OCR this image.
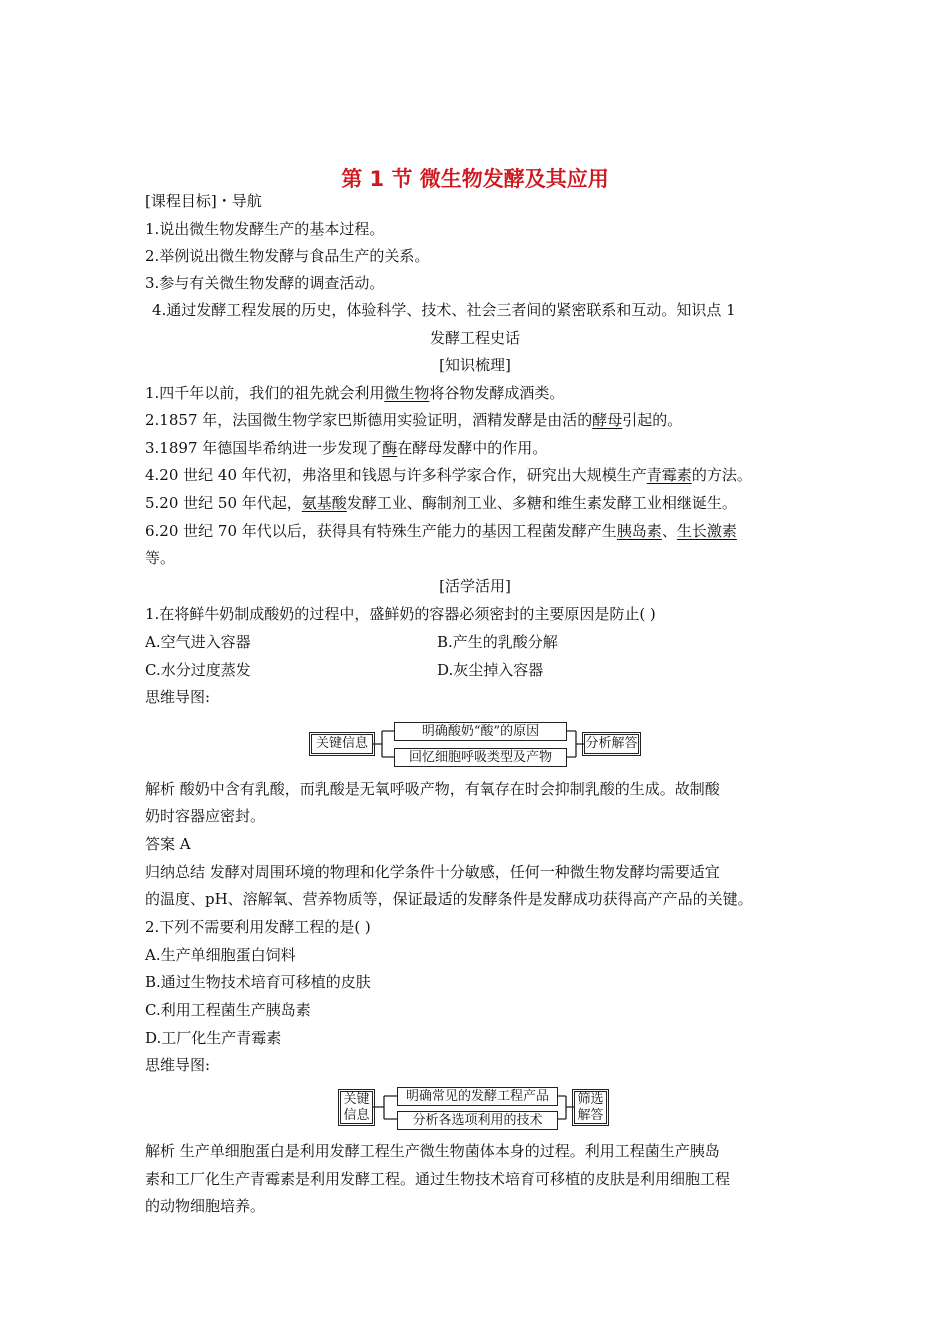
第 1 节 微生物发酵及其应用
[课程目标]・导航
1.说出微生物发酵生产的基本过程。
2.举例说出微生物发酵与食品生产的关系。
3.参与有关微生物发酵的调查活动。
4.通过发酵工程发展的历史，体验科学、技术、社会三者间的紧密联系和互动。知识点 1
发酵工程史话
[知识梳理]
1.四千年以前，我们的祖先就会利用微生物将谷物发酵成酒类。
2.1857 年，法国微生物学家巴斯德用实验证明，酒精发酵是由活的酵母引起的。
3.1897 年德国毕希纳进一步发现了酶在酵母发酵中的作用。
4.20 世纪 40 年代初，弗洛里和钱恩与许多科学家合作，研究出大规模生产青霉素的方法。
5.20 世纪 50 年代起，氨基酸发酵工业、酶制剂工业、多糖和维生素发酵工业相继诞生。
6.20 世纪 70 年代以后，获得具有特殊生产能力的基因工程菌发酵产生胰岛素、生长激素
等。
[活学活用]
1.在将鲜牛奶制成酸奶的过程中，盛鲜奶的容器必须密封的主要原因是防止( )
A.空气进入容器	B.产生的乳酸分解
C.水分过度蒸发	D.灰尘掉入容器
思维导图:
关键信息
明确酸奶“酸”的原因
回忆细胞呼吸类型及产物
分析解答
解析 酸奶中含有乳酸，而乳酸是无氧呼吸产物，有氧存在时会抑制乳酸的生成。故制酸
奶时容器应密封。
答案 A
归纳总结 发酵对周围环境的物理和化学条件十分敏感，任何一种微生物发酵均需要适宜
的温度、pH、溶解氧、营养物质等，保证最适的发酵条件是发酵成功获得高产产品的关键。
2.下列不需要利用发酵工程的是( )
A.生产单细胞蛋白饲料
B.通过生物技术培育可移植的皮肤
C.利用工程菌生产胰岛素
D.工厂化生产青霉素
思维导图:
关键
信息
明确常见的发酵工程产品
分析各选项利用的技术
筛选
解答
解析 生产单细胞蛋白是利用发酵工程生产微生物菌体本身的过程。利用工程菌生产胰岛
素和工厂化生产青霉素是利用发酵工程。通过生物技术培育可移植的皮肤是利用细胞工程
的动物细胞培养。
